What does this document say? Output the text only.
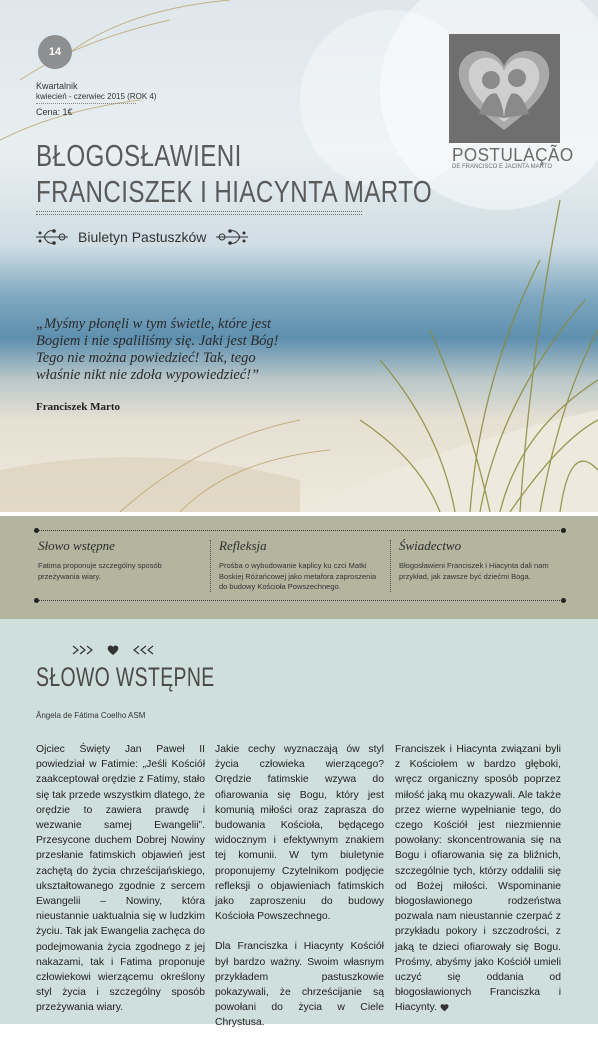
14
Kwartalnik
kwiecień - czerwiec 2015 (ROK 4)
Cena: 1€
BŁOGOSŁAWIENI
FRANCISZEK I HIACYNTA MARTO
Biuletyn Pastuszków
POSTULAÇÃO
DE FRANCISCO E JACINTA MARTO
„Myśmy płonęli w tym świetle, które jest Bogiem i nie spaliliśmy się. Jaki jest Bóg! Tego nie można powiedzieć! Tak, tego właśnie nikt nie zdoła wypowiedzieć!”
Franciszek Marto
Słowo wstępne
Fatima proponuje szczególny sposób przeżywania wiary.
Refleksja
Prośba o wybudowanie kaplicy ku czci Matki Boskiej Różańcowej jako metafora zaproszenia do budowy Kościoła Powszechnego.
Świadectwo
Błogosławieni Franciszek i Hiacynta dali nam przykład, jak zawsze być dziećmi Boga.
SŁOWO WSTĘPNE
Ângela de Fátima Coelho ASM

Ojciec Święty Jan Paweł II powiedział w Fatimie: „Jeśli Kościół zaakceptował orędzie z Fatimy, stało się tak przede wszystkim dlatego, że orędzie to zawiera prawdę i wezwanie samej Ewangelii”. Przesycone duchem Dobrej Nowiny przesłanie fatimskich objawień jest zachętą do życia chrześcijańskiego, ukształtowanego zgodnie z sercem Ewangelii – Nowiny, która nieustannie uaktualnia się w ludzkim życiu. Tak jak Ewangelia zachęca do podejmowania życia zgodnego z jej nakazami, tak i Fatima proponuje człowiekowi wierzącemu określony styl życia i szczególny sposób przeżywania wiary.

Jakie cechy wyznaczają ów styl życia człowieka wierzącego? Orędzie fatimskie wzywa do ofiarowania się Bogu, który jest komunią miłości oraz zaprasza do budowania Kościoła, będącego widocznym i efektywnym znakiem tej komunii. W tym biuletynie proponujemy Czytelnikom podjęcie refleksji o objawieniach fatimskich jako zaproszeniu do budowy Kościoła Powszechnego.

Dla Franciszka i Hiacynty Kościół był bardzo ważny. Swoim własnym przykładem pastuszkowie pokazywali, że chrześcijanie są powołani do życia w Ciele Chrystusa.

Franciszek i Hiacynta związani byli z Kościołem w bardzo głęboki, wręcz organiczny sposób poprzez miłość jaką mu okazywali. Ale także przez wierne wypełnianie tego, do czego Kościół jest niezmiennie powołany: skoncentrowania się na Bogu i ofiarowania się za bliźnich, szczególnie tych, którzy oddalili się od Bożej miłości. Wspominanie błogosławionego rodzeństwa pozwala nam nieustannie czerpać z przykładu pokory i szczodrości, z jaką te dzieci ofiarowały się Bogu. Prośmy, abyśmy jako Kościół umieli uczyć się oddania od błogosławionych Franciszka i Hiacynty.
